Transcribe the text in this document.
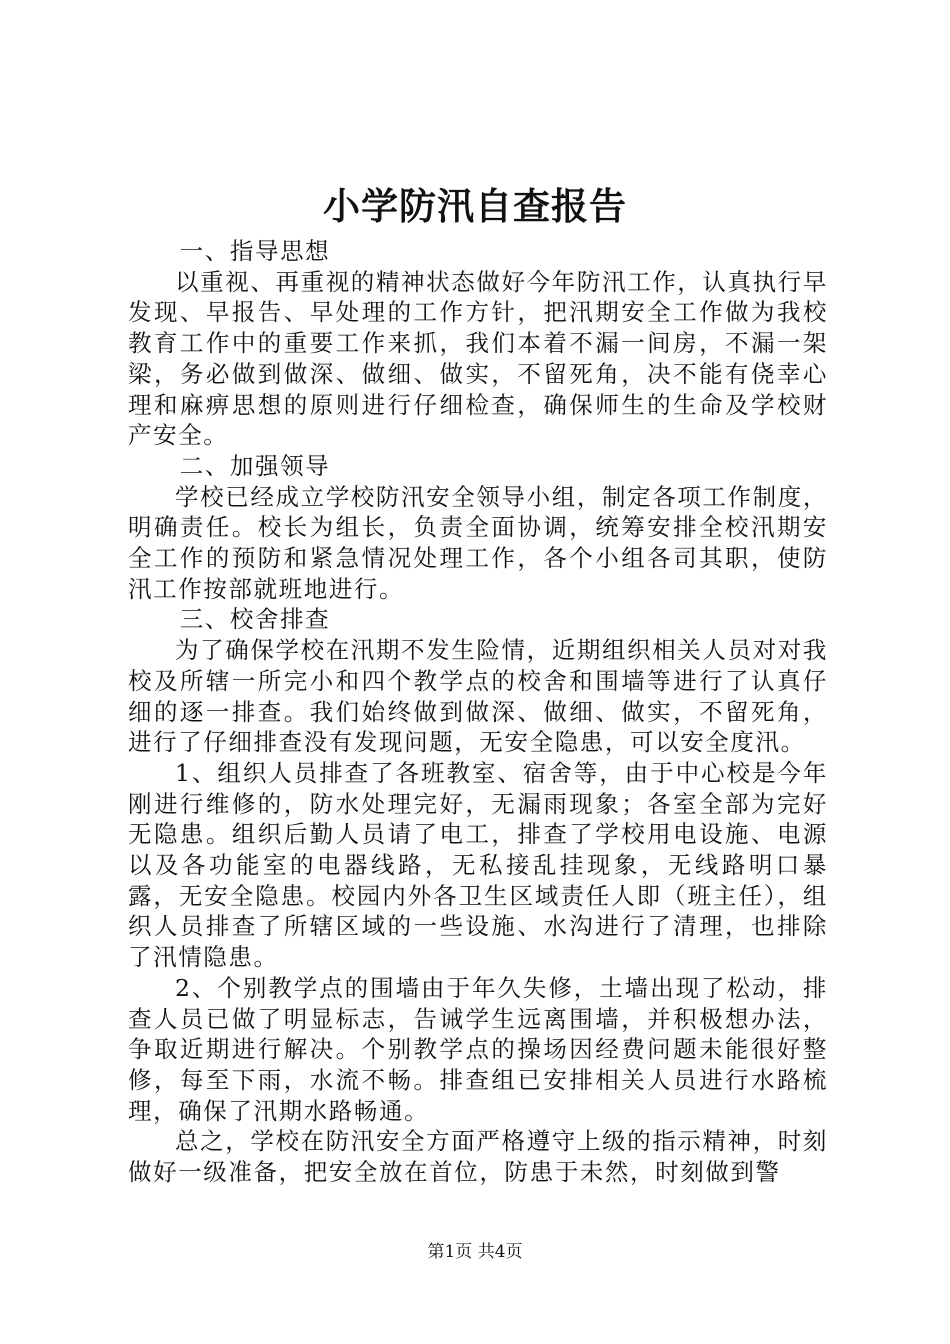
小学防汛自查报告

一、指导思想

以重视、再重视的精神状态做好今年防汛工作，认真执行早发现、早报告、早处理的工作方针，把汛期安全工作做为我校教育工作中的重要工作来抓，我们本着不漏一间房，不漏一架梁，务必做到做深、做细、做实，不留死角，决不能有侥幸心理和麻痹思想的原则进行仔细检查，确保师生的生命及学校财产安全。

二、加强领导

学校已经成立学校防汛安全领导小组，制定各项工作制度，明确责任。校长为组长，负责全面协调，统筹安排全校汛期安全工作的预防和紧急情况处理工作，各个小组各司其职，使防汛工作按部就班地进行。

三、校舍排查

为了确保学校在汛期不发生险情，近期组织相关人员对对我校及所辖一所完小和四个教学点的校舍和围墙等进行了认真仔细的逐一排查。我们始终做到做深、做细、做实，不留死角，进行了仔细排查没有发现问题，无安全隐患，可以安全度汛。

1、组织人员排查了各班教室、宿舍等，由于中心校是今年刚进行维修的，防水处理完好，无漏雨现象；各室全部为完好无隐患。组织后勤人员请了电工，排查了学校用电设施、电源以及各功能室的电器线路，无私接乱挂现象，无线路明口暴露，无安全隐患。校园内外各卫生区域责任人即（班主任），组织人员排查了所辖区域的一些设施、水沟进行了清理，也排除了汛情隐患。

2、个别教学点的围墙由于年久失修，土墙出现了松动，排查人员已做了明显标志，告诫学生远离围墙，并积极想办法，争取近期进行解决。个别教学点的操场因经费问题未能很好整修，每至下雨，水流不畅。排查组已安排相关人员进行水路梳理，确保了汛期水路畅通。

总之，学校在防汛安全方面严格遵守上级的指示精神，时刻做好一级准备，把安全放在首位，防患于未然，时刻做到警

第1页 共4页
